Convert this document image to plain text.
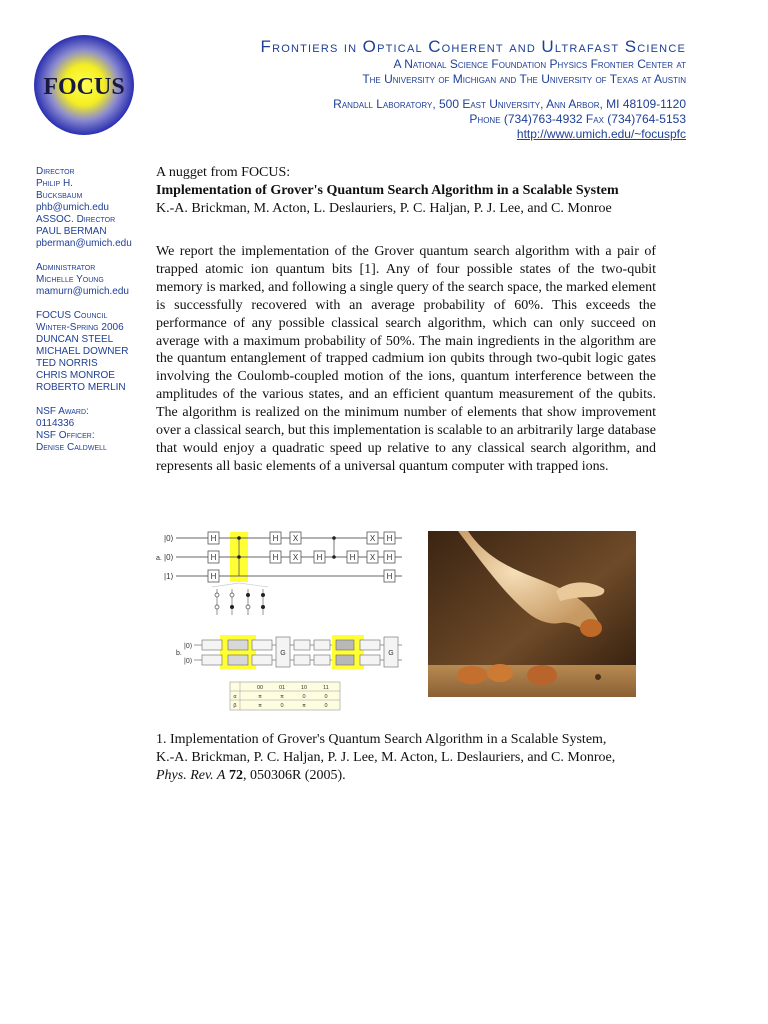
FOCUS
Frontiers in Optical Coherent and Ultrafast Science
A National Science Foundation Physics Frontier Center at
The University of Michigan and The University of Texas at Austin
Randall Laboratory, 500 East University, Ann Arbor, MI 48109-1120
Phone (734)763-4932 Fax (734)764-5153
http://www.umich.edu/~focuspfc
Director
Philip H.
Bucksbaum
phb@umich.edu
ASSOC. Director
PAUL BERMAN
pberman@umich.edu
Administrator
Michelle Young
mamurn@umich.edu
FOCUS Council
Winter-Spring 2006
DUNCAN STEEL
MICHAEL DOWNER
TED NORRIS
CHRIS MONROE
ROBERTO MERLIN
NSF Award:
0114336
NSF Officer:
Denise Caldwell
A nugget from FOCUS:
Implementation of Grover's Quantum Search Algorithm in a Scalable System
K.-A. Brickman, M. Acton, L. Deslauriers, P. C. Haljan, P. J. Lee, and C. Monroe
We report the implementation of the Grover quantum search algorithm with a pair of trapped atomic ion quantum bits [1]. Any of four possible states of the two-qubit memory is marked, and following a single query of the search space, the marked element is successfully recovered with an average probability of 60%. This exceeds the performance of any possible classical search algorithm, which can only succeed on average with a maximum probability of 50%. The main ingredients in the algorithm are the quantum entanglement of trapped cadmium ion qubits through two-qubit logic gates involving the Coulomb-coupled motion of the ions, quantum interference between the amplitudes of the various states, and an efficient quantum measurement of the qubits. The algorithm is realized on the minimum number of elements that show improvement over a classical search, but this implementation is scalable to an arbitrarily large database that would enjoy a quadratic speed up relative to any classical search algorithm, and represents all basic elements of a universal quantum computer with trapped ions.
|0⟩
|0⟩
|1⟩
a.
H
H
H
H
H
X
X H	H
X
X
H
H
H
b.
|0⟩
|0⟩
G	G
00	01	10	11
α	π	π	0	0
β	π	0	π	0
1. Implementation of Grover's Quantum Search Algorithm in a Scalable System,
K.-A. Brickman, P. C. Haljan, P. J. Lee, M. Acton, L. Deslauriers, and C. Monroe,
Phys. Rev. A 72, 050306R (2005).
